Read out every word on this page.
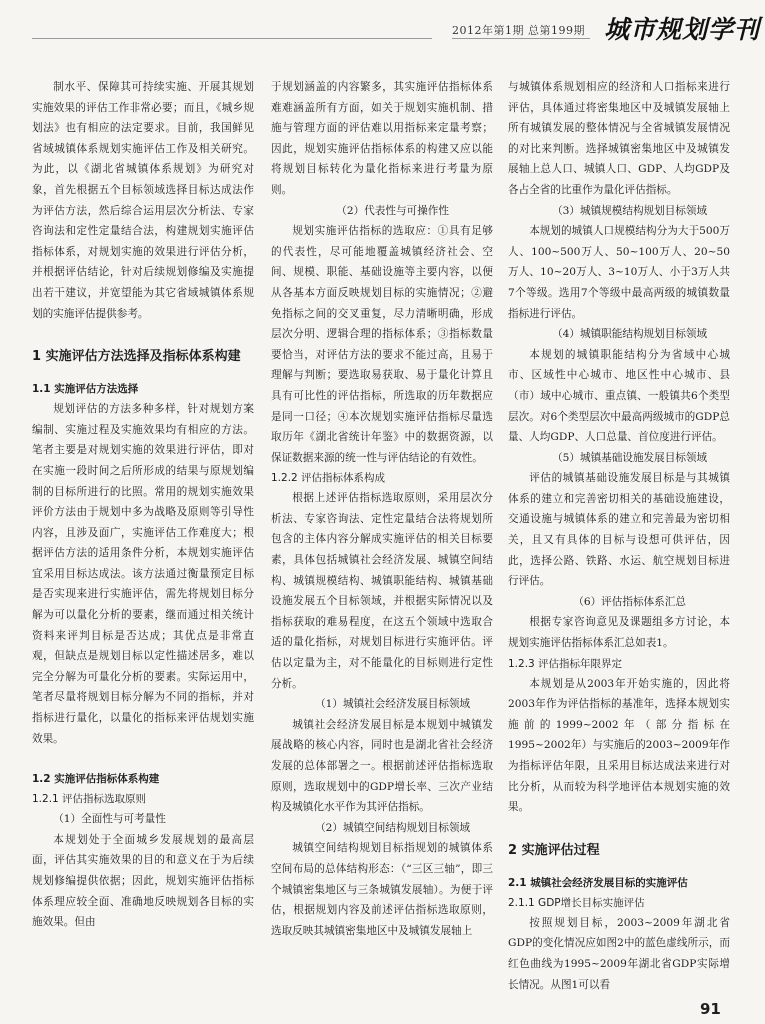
2012年第1期 总第199期 城市规划学刊

制水平、保障其可持续实施、开展其规划实施效果的评估工作非常必要；而且，《城乡规划法》也有相应的法定要求。目前，我国鲜见省域城镇体系规划实施评估工作及相关研究。为此，以《湖北省城镇体系规划》为研究对象，首先根据五个目标领域选择目标达成法作为评估方法，然后综合运用层次分析法、专家咨询法和定性定量结合法，构建规划实施评估指标体系，对规划实施的效果进行评估分析，并根据评估结论，针对后续规划修编及实施提出若干建议，并宽望能为其它省域城镇体系规划的实施评估提供参考。

1 实施评估方法选择及指标体系构建
1.1 实施评估方法选择

规划评估的方法多种多样，针对规划方案编制、实施过程及实施效果均有相应的方法。笔者主要是对规划实施的效果进行评估，即对在实施一段时间之后所形成的结果与原规划编制的目标所进行的比照。常用的规划实施效果评价方法由于规划中多为战略及原则等引导性内容，且涉及面广，实施评估工作难度大；根据评估方法的适用条件分析，本规划实施评估宜采用目标达成法。该方法通过衡量预定目标是否实现来进行实施评估，需先将规划目标分解为可以量化分析的要素，继而通过相关统计资料来评判目标是否达成；其优点是非常直观，但缺点是规划目标以定性描述居多，难以完全分解为可量化分析的要素。实际运用中，笔者尽量将规划目标分解为不同的指标，并对指标进行量化，以量化的指标来评估规划实施效果。

1.2 实施评估指标体系构建
1.2.1 评估指标选取原则

（1）全面性与可考量性

本规划处于全面城乡发展规划的最高层面，评估其实施效果的目的和意义在于为后续规划修编提供依据；因此，规划实施评估指标体系理应较全面、准确地反映规划各目标的实施效果。但由

于规划涵盖的内容繁多，其实施评估指标体系难难涵盖所有方面，如关于规划实施机制、措施与管理方面的评估难以用指标来定量考察；因此，规划实施评估指标体系的构建又应以能将规划目标转化为量化指标来进行考量为原则。

（2）代表性与可操作性

规划实施评估指标的选取应：①具有足够的代表性，尽可能地覆盖城镇经济社会、空间、规模、职能、基础设施等主要内容，以便从各基本方面反映规划目标的实施情况；②避免指标之间的交叉重复，尽力清晰明确，形成层次分明、逻辑合理的指标体系；③指标数量要恰当，对评估方法的要求不能过高，且易于理解与判断；要选取易获取、易于量化计算且具有可比性的评估指标，所选取的历年数据应是同一口径；④本次规划实施评估指标尽量选取历年《湖北省统计年鉴》中的数据资源，以保证数据来源的统一性与评估结论的有效性。

1.2.2 评估指标体系构成

根据上述评估指标选取原则，采用层次分析法、专家咨询法、定性定量结合法将规划所包含的主体内容分解成实施评估的相关目标要素，具体包括城镇社会经济发展、城镇空间结构、城镇规模结构、城镇职能结构、城镇基础设施发展五个目标领域，并根据实际情况以及指标获取的难易程度，在这五个领域中选取合适的量化指标，对规划目标进行实施评估。评估以定量为主，对不能量化的目标则进行定性分析。

（1）城镇社会经济发展目标领域

城镇社会经济发展目标是本规划中城镇发展战略的核心内容，同时也是湖北省社会经济发展的总体部署之一。根据前述评估指标选取原则，选取规划中的GDP增长率、三次产业结构及城镇化水平作为其评估指标。

（2）城镇空间结构规划目标领域

城镇空间结构规划目标指规划的城镇体系空间布局的总体结构形态：（“三区三轴”，即三个城镇密集地区与三条城镇发展轴）。为便于评估，根据规划内容及前述评估指标选取原则，选取反映其城镇密集地区中及城镇发展轴上

与城镇体系规划相应的经济和人口指标来进行评估，具体通过将密集地区中及城镇发展轴上所有城镇发展的整体情况与全省城镇发展情况的对比来判断。选择城镇密集地区中及城镇发展轴上总人口、城镇人口、GDP、人均GDP及各占全省的比重作为量化评估指标。

（3）城镇规模结构规划目标领域

本规划的城镇人口规模结构分为大于500万人、100~500万人、50~100万人、20~50万人、10~20万人、3~10万人、小于3万人共7个等级。选用7个等级中最高两级的城镇数量指标进行评估。

（4）城镇职能结构规划目标领域

本规划的城镇职能结构分为省域中心城市、区域性中心城市、地区性中心城市、县（市）域中心城市、重点镇、一般镇共6个类型层次。对6个类型层次中最高两级城市的GDP总量、人均GDP、人口总量、首位度进行评估。

（5）城镇基础设施发展目标领域

评估的城镇基础设施发展目标是与其城镇体系的建立和完善密切相关的基础设施建设，交通设施与城镇体系的建立和完善最为密切相关，且又有具体的目标与设想可供评估，因此，选择公路、铁路、水运、航空规划目标进行评估。

（6）评估指标体系汇总

根据专家咨询意见及课题组多方讨论，本规划实施评估指标体系汇总如表1。

1.2.3 评估指标年限界定

本规划是从2003年开始实施的，因此将2003年作为评估指标的基准年，选择本规划实施前的1999~2002年（部分指标在1995~2002年）与实施后的2003~2009年作为指标评估年限，且采用目标达成法来进行对比分析，从而较为科学地评估本规划实施的效果。

2 实施评估过程
2.1 城镇社会经济发展目标的实施评估
2.1.1 GDP增长目标实施评估

按照规划目标，2003~2009年湖北省GDP的变化情况应如图2中的蓝色虚线所示，而红色曲线为1995~2009年湖北省GDP实际增长情况。从图1可以看

91
